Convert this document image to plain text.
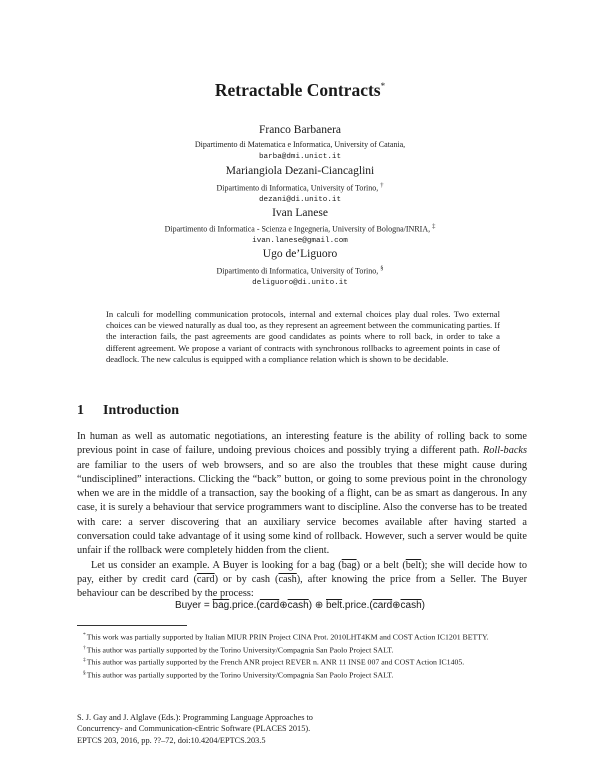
Retractable Contracts*
Franco Barbanera
Dipartimento di Matematica e Informatica, University of Catania,
barba@dmi.unict.it
Mariangiola Dezani-Ciancaglini
Dipartimento di Informatica, University of Torino, †
dezani@di.unito.it
Ivan Lanese
Dipartimento di Informatica - Scienza e Ingegneria, University of Bologna/INRIA, ‡
ivan.lanese@gmail.com
Ugo de’Liguoro
Dipartimento di Informatica, University of Torino, §
deliguoro@di.unito.it
In calculi for modelling communication protocols, internal and external choices play dual roles. Two external choices can be viewed naturally as dual too, as they represent an agreement between the communicating parties. If the interaction fails, the past agreements are good candidates as points where to roll back, in order to take a different agreement. We propose a variant of contracts with synchronous rollbacks to agreement points in case of deadlock. The new calculus is equipped with a compliance relation which is shown to be decidable.
1 Introduction

In human as well as automatic negotiations, an interesting feature is the ability of rolling back to some previous point in case of failure, undoing previous choices and possibly trying a different path. Roll-backs are familiar to the users of web browsers, and so are also the troubles that these might cause during “undisciplined” interactions. Clicking the “back” button, or going to some previous point in the chronology when we are in the middle of a transaction, say the booking of a flight, can be as smart as dangerous. In any case, it is surely a behaviour that service programmers want to discipline. Also the converse has to be treated with care: a server discovering that an auxiliary service becomes available after having started a conversation could take advantage of it using some kind of rollback. However, such a server would be quite unfair if the rollback were completely hidden from the client.

Let us consider an example. A Buyer is looking for a bag $(\overline{bag})$ or a belt (belt); she will decide how to pay, either by credit card (card) or by cash (cash), after knowing the price from a Seller. The Buyer behaviour can be described by the process:

Buyer = $\overline{bag}.price.(card\oplus cash)$ ⊕ belt.price.(card⊕cash)

*This work was partially supported by Italian MIUR PRIN Project CINA Prot. 2010LHT4KM and COST Action IC1201 BETTY.

†This author was partially supported by the Torino University/Compagnia San Paolo Project SALT.

‡This author was partially supported by the French ANR project REVER n. ANR 11 INSE 007 and COST Action IC1405.

§This author was partially supported by the Torino University/Compagnia San Paolo Project SALT.

S. J. Gay and J. Alglave (Eds.): Programming Language Approaches to
Concurrency- and Communication-cEntric Software (PLACES 2015).
EPTCS 203, 2016, pp. ??–72, doi:10.4204/EPTCS.203.5
